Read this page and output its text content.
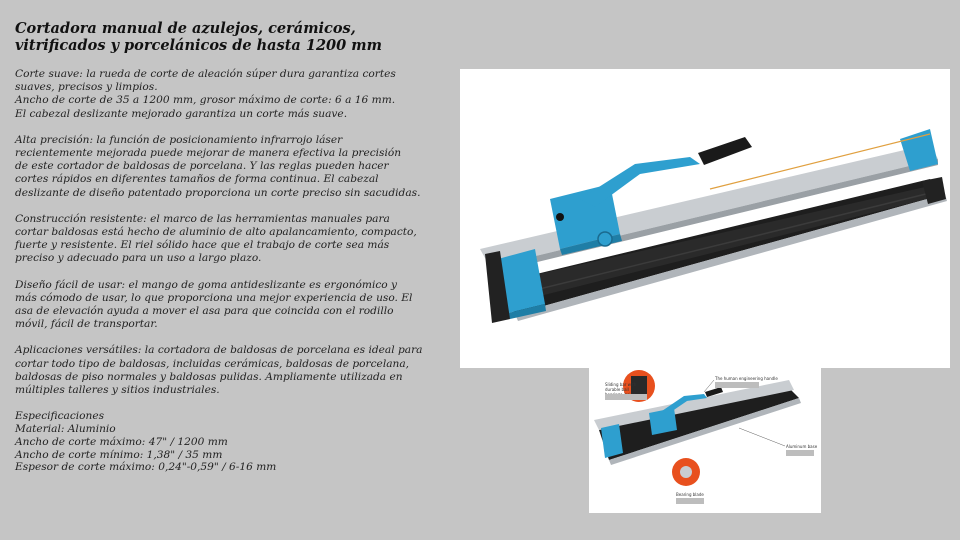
Cortadora manual de azulejos, cerámicos, vitrificados y porcelánicos de hasta 1200 mm

Corte suave: la rueda de corte de aleación súper dura garantiza cortes
suaves, precisos y limpios.
Ancho de corte de 35 a 1200 mm, grosor máximo de corte: 6 a 16 mm.
El cabezal deslizante mejorado garantiza un corte más suave.

Alta precisión: la función de posicionamiento infrarrojo láser
recientemente mejorada puede mejorar de manera efectiva la precisión
de este cortador de baldosas de porcelana. Y las reglas pueden hacer
cortes rápidos en diferentes tamaños de forma continua. El cabezal
deslizante de diseño patentado proporciona un corte preciso sin sacudidas.

Construcción resistente: el marco de las herramientas manuales para
cortar baldosas está hecho de aluminio de alto apalancamiento, compacto,
fuerte y resistente. El riel sólido hace que el trabajo de corte sea más
preciso y adecuado para un uso a largo plazo.

Diseño fácil de usar: el mango de goma antideslizante es ergonómico y
más cómodo de usar, lo que proporciona una mejor experiencia de uso. El
asa de elevación ayuda a mover el asa para que coincida con el rodillo
móvil, fácil de transportar.

Aplicaciones versátiles: la cortadora de baldosas de porcelana es ideal para
cortar todo tipo de baldosas, incluidas cerámicas, baldosas de porcelana,
baldosas de piso normales y baldosas pulidas. Ampliamente utilizada en
múltiples talleres y sitios industriales.

Especificaciones
Material: Aluminio
Ancho de corte máximo: 47" / 1200 mm
Ancho de corte mínimo: 1,38" / 35 mm
Espesor de corte máximo: 0,24"-0,59" / 6-16 mm
Sliding bar with durable ball
The human engineering handle
Aluminum base
Bearing blade
